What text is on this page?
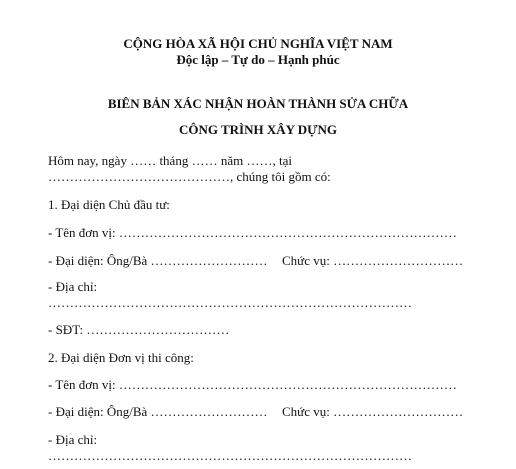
CỘNG HÒA XÃ HỘI CHỦ NGHĨA VIỆT NAM
Độc lập – Tự do – Hạnh phúc
BIÊN BẢN XÁC NHẬN HOÀN THÀNH SỬA CHỮA
CÔNG TRÌNH XÂY DỰNG
Hôm nay, ngày …… tháng …… năm ……, tại
……………………………………, chúng tôi gồm có:
1. Đại diện Chủ đầu tư:
- Tên đơn vị: ……………………………………………………………………
- Đại diện: Ông/Bà ……………………… Chức vụ: …………………………
- Địa chỉ:
…………………………………………………………………………
- SĐT: ……………………………
2. Đại diện Đơn vị thi công:
- Tên đơn vị: ……………………………………………………………………
- Đại diện: Ông/Bà ……………………… Chức vụ: …………………………
- Địa chỉ:
…………………………………………………………………………
